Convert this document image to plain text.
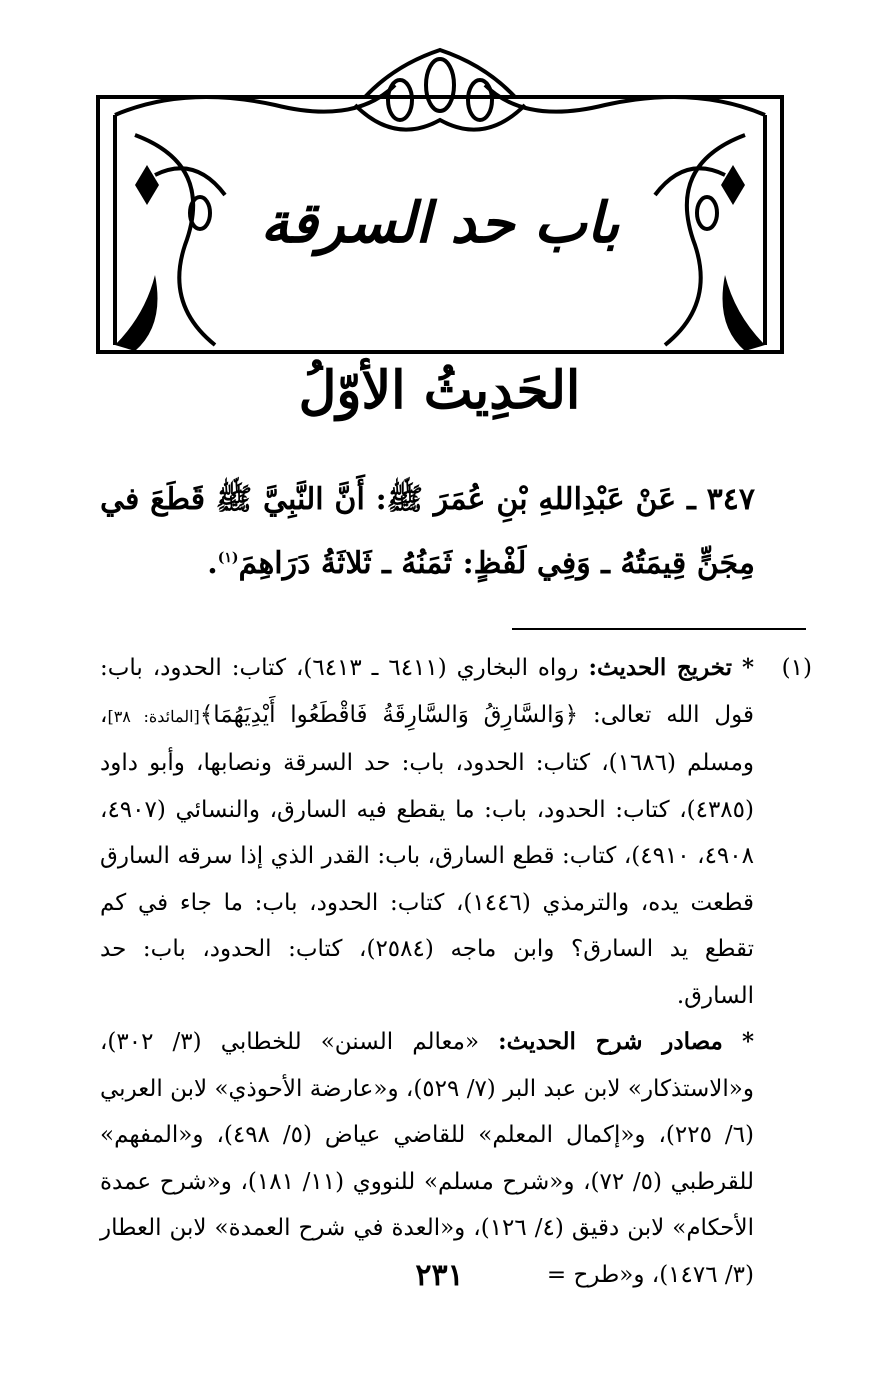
باب حد السرقة
الحَدِيثُ الأوّلُ
٣٤٧ ـ عَنْ عَبْدِاللهِ بْنِ عُمَرَ ﷺ: أَنَّ النَّبِيَّ ﷺ قَطَعَ في مِجَنٍّ قِيمَتُهُ ـ وَفِي لَفْظٍ: ثَمَنُهُ ـ ثَلاثَةُ دَرَاهِمَ$^{(١)}$.
(١)
* تخريج الحديث: رواه البخاري (٦٤١١ ـ ٦٤١٣)، كتاب: الحدود، باب: قول الله تعالى: ﴿وَالسَّارِقُ وَالسَّارِقَةُ فَاقْطَعُوا أَيْدِيَهُمَا﴾[المائدة: ٣٨]، ومسلم (١٦٨٦)، كتاب: الحدود، باب: حد السرقة ونصابها، وأبو داود (٤٣٨٥)، كتاب: الحدود، باب: ما يقطع فيه السارق، والنسائي (٤٩٠٧، ٤٩٠٨، ٤٩١٠)، كتاب: قطع السارق، باب: القدر الذي إذا سرقه السارق قطعت يده، والترمذي (١٤٤٦)، كتاب: الحدود، باب: ما جاء في كم تقطع يد السارق؟ وابن ماجه (٢٥٨٤)، كتاب: الحدود، باب: حد السارق.
* مصادر شرح الحديث: «معالم السنن» للخطابي (٣/ ٣٠٢)، و«الاستذكار» لابن عبد البر (٧/ ٥٢٩)، و«عارضة الأحوذي» لابن العربي (٦/ ٢٢٥)، و«إكمال المعلم» للقاضي عياض (٥/ ٤٩٨)، و«المفهم» للقرطبي (٥/ ٧٢)، و«شرح مسلم» للنووي (١١/ ١٨١)، و«شرح عمدة الأحكام» لابن دقيق (٤/ ١٢٦)، و«العدة في شرح العمدة» لابن العطار (٣/ ١٤٧٦)، و«طرح =
٢٣١
